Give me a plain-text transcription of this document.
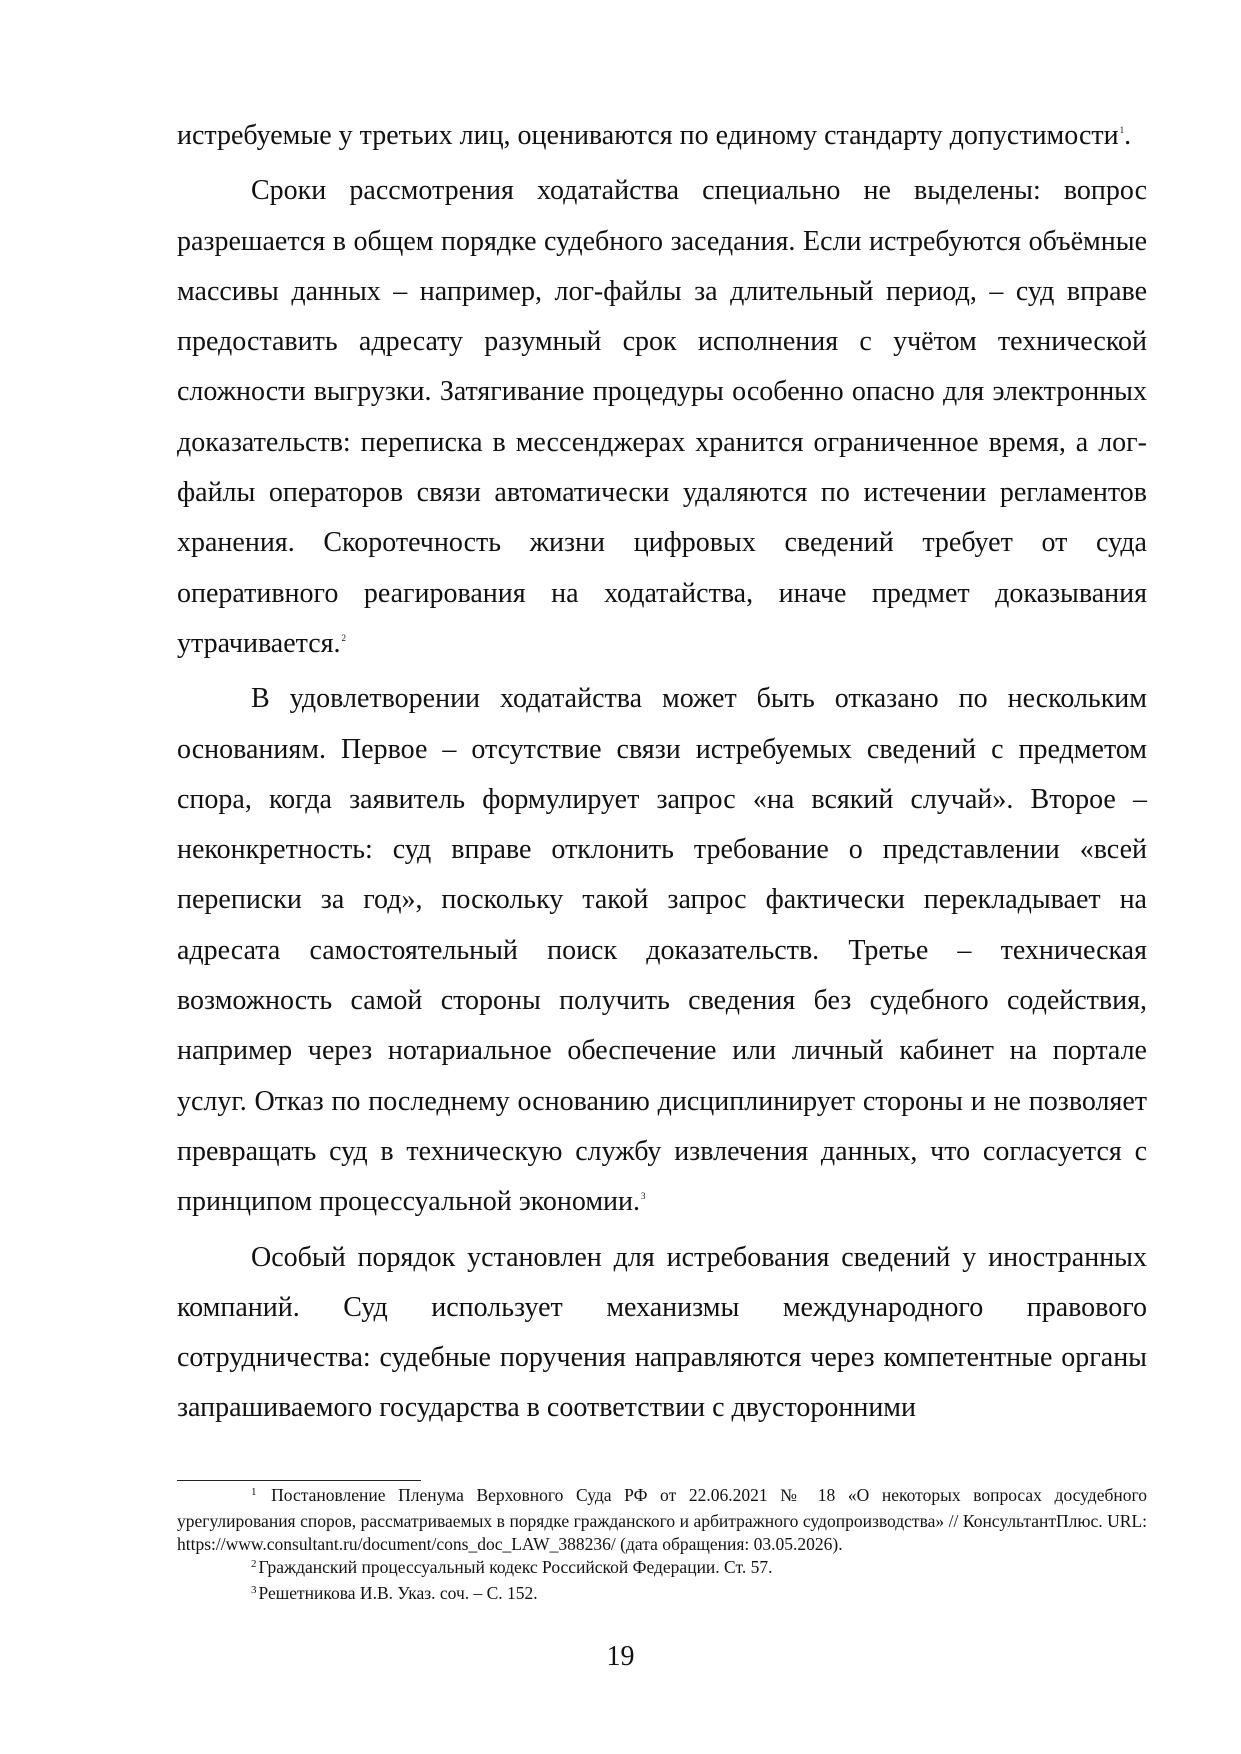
истребуемые у третьих лиц, оцениваются по единому стандарту допустимости$^1$.

Сроки рассмотрения ходатайства специально не выделены: вопрос разрешается в общем порядке судебного заседания. Если истребуются объёмные массивы данных – например, лог-файлы за длительный период, – суд вправе предоставить адресату разумный срок исполнения с учётом технической сложности выгрузки. Затягивание процедуры особенно опасно для электронных доказательств: переписка в мессенджерах хранится ограниченное время, а лог-файлы операторов связи автоматически удаляются по истечении регламентов хранения. Скоротечность жизни цифровых сведений требует от суда оперативного реагирования на ходатайства, иначе предмет доказывания утрачивается.$^2$

В удовлетворении ходатайства может быть отказано по нескольким основаниям. Первое – отсутствие связи истребуемых сведений с предметом спора, когда заявитель формулирует запрос «на всякий случай». Второе – неконкретность: суд вправе отклонить требование о представлении «всей переписки за год», поскольку такой запрос фактически перекладывает на адресата самостоятельный поиск доказательств. Третье – техническая возможность самой стороны получить сведения без судебного содействия, например через нотариальное обеспечение или личный кабинет на портале услуг. Отказ по последнему основанию дисциплинирует стороны и не позволяет превращать суд в техническую службу извлечения данных, что согласуется с принципом процессуальной экономии.$^3$

Особый порядок установлен для истребования сведений у иностранных компаний. Суд использует механизмы международного правового сотрудничества: судебные поручения направляются через компетентные органы запрашиваемого государства в соответствии с двусторонними

$^1$ Постановление Пленума Верховного Суда РФ от 22.06.2021 № 18 «О некоторых вопросах досудебного урегулирования споров, рассматриваемых в порядке гражданского и арбитражного судопроизводства» // КонсультантПлюс. URL: https://www.consultant.ru/document/cons_doc_LAW_388236/ (дата обращения: 03.05.2026).

$^2$ Гражданский процессуальный кодекс Российской Федерации. Ст. 57.

$^3$ Решетникова И.В. Указ. соч. – С. 152.

19
